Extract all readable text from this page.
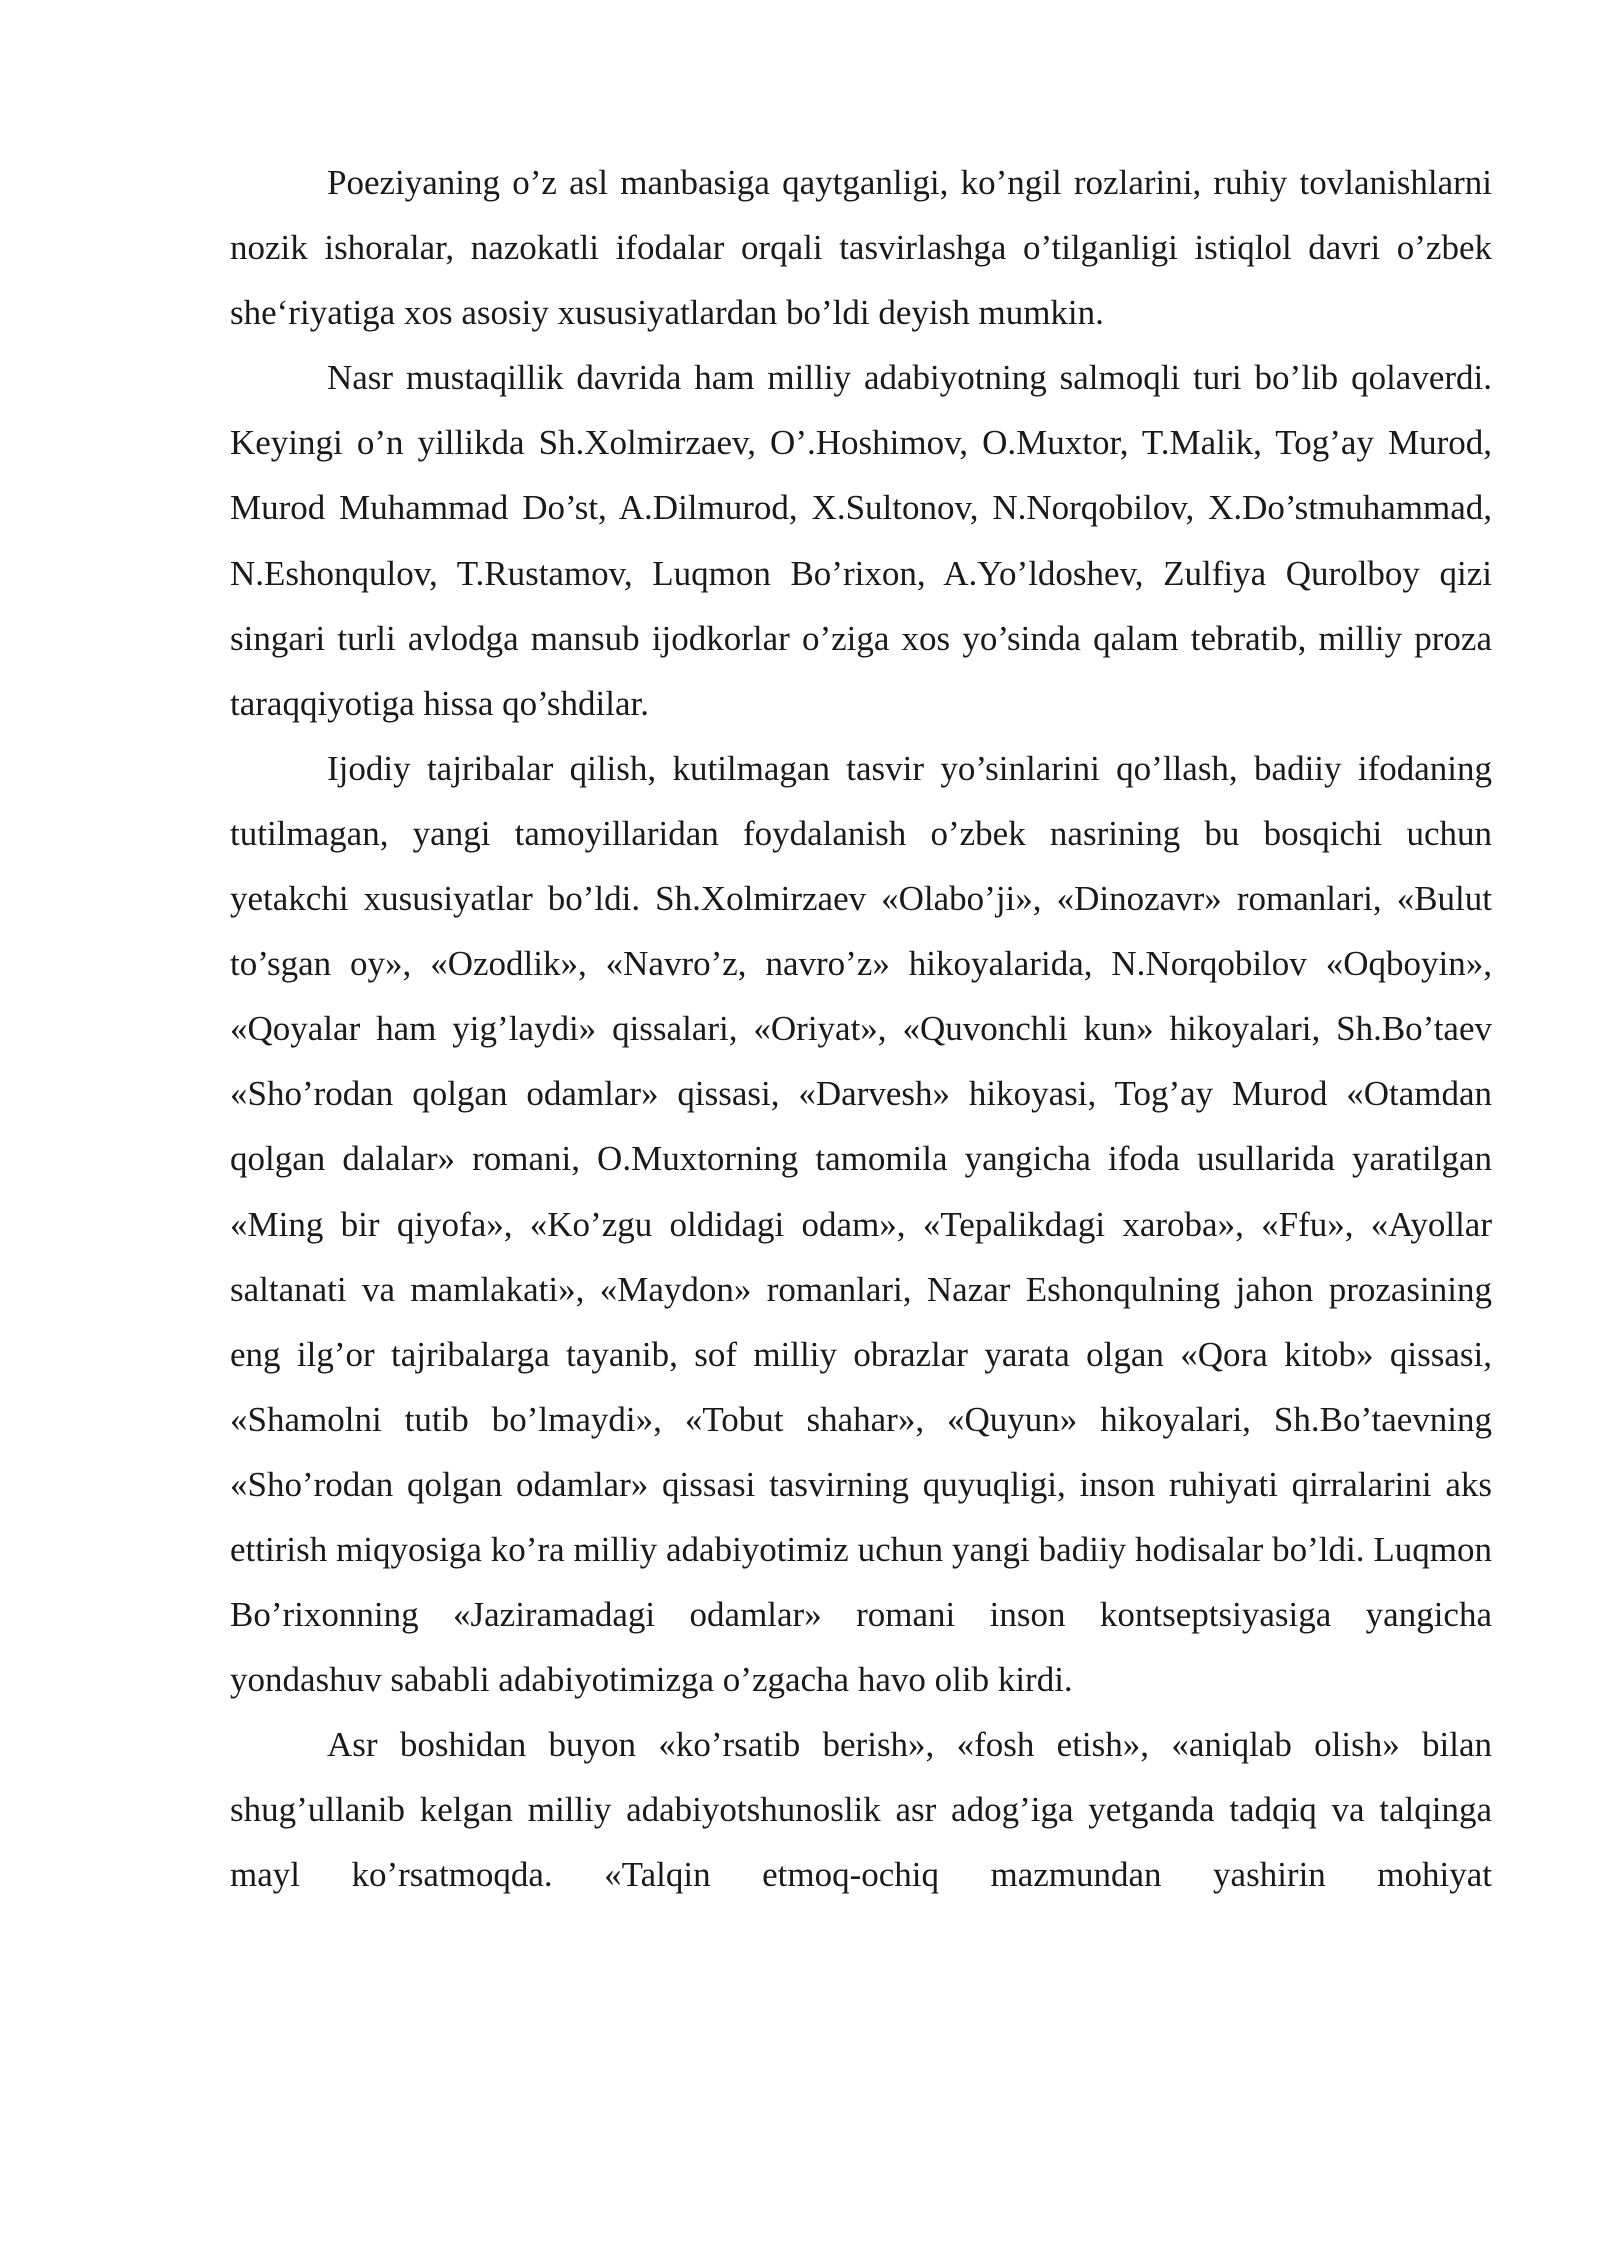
Poeziyaning o’z asl manbasiga qaytganligi, ko’ngil rozlarini, ruhiy tovlanishlarni nozik ishoralar, nazokatli ifodalar orqali tasvirlashga o’tilganligi istiqlol davri o’zbek she‘riyatiga xos asosiy xususiyatlardan bo’ldi deyish mumkin.

Nasr mustaqillik davrida ham milliy adabiyotning salmoqli turi bo’lib qolaverdi. Keyingi o’n yillikda Sh.Xolmirzaev, O’.Hoshimov, O.Muxtor, T.Malik, Tog’ay Murod, Murod Muhammad Do’st, A.Dilmurod, X.Sultonov, N.Norqobilov, X.Do’stmuhammad, N.Eshonqulov, T.Rustamov, Luqmon Bo’rixon, A.Yo’ldoshev, Zulfiya Qurolboy qizi singari turli avlodga mansub ijodkorlar o’ziga xos yo’sinda qalam tebratib, milliy proza taraqqiyotiga hissa qo’shdilar.

Ijodiy tajribalar qilish, kutilmagan tasvir yo’sinlarini qo’llash, badiiy ifodaning tutilmagan, yangi tamoyillaridan foydalanish o’zbek nasrining bu bosqichi uchun yetakchi xususiyatlar bo’ldi. Sh.Xolmirzaev «Olabo’ji», «Dinozavr» romanlari, «Bulut to’sgan oy», «Ozodlik», «Navro’z, navro’z» hikoyalarida, N.Norqobilov «Oqboyin», «Qoyalar ham yig’laydi» qissalari, «Oriyat», «Quvonchli kun» hikoyalari, Sh.Bo’taev «Sho’rodan qolgan odamlar» qissasi, «Darvesh» hikoyasi, Tog’ay Murod «Otamdan qolgan dalalar» romani, O.Muxtorning tamomila yangicha ifoda usullarida yaratilgan «Ming bir qiyofa», «Ko’zgu oldidagi odam», «Tepalikdagi xaroba», «Ffu», «Ayollar saltanati va mamlakati», «Maydon» romanlari, Nazar Eshonqulning jahon prozasining eng ilg’or tajribalarga tayanib, sof milliy obrazlar yarata olgan «Qora kitob» qissasi, «Shamolni tutib bo’lmaydi», «Tobut shahar», «Quyun» hikoyalari, Sh.Bo’taevning «Sho’rodan qolgan odamlar» qissasi tasvirning quyuqligi, inson ruhiyati qirralarini aks ettirish miqyosiga ko’ra milliy adabiyotimiz uchun yangi badiiy hodisalar bo’ldi. Luqmon Bo’rixonning «Jaziramadagi odamlar» romani inson kontseptsiyasiga yangicha yondashuv sababli adabiyotimizga o’zgacha havo olib kirdi.

Asr boshidan buyon «ko’rsatib berish», «fosh etish», «aniqlab olish» bilan shug’ullanib kelgan milliy adabiyotshunoslik asr adog’iga yetganda tadqiq va talqinga mayl ko’rsatmoqda. «Talqin etmoq-ochiq mazmundan yashirin mohiyat
